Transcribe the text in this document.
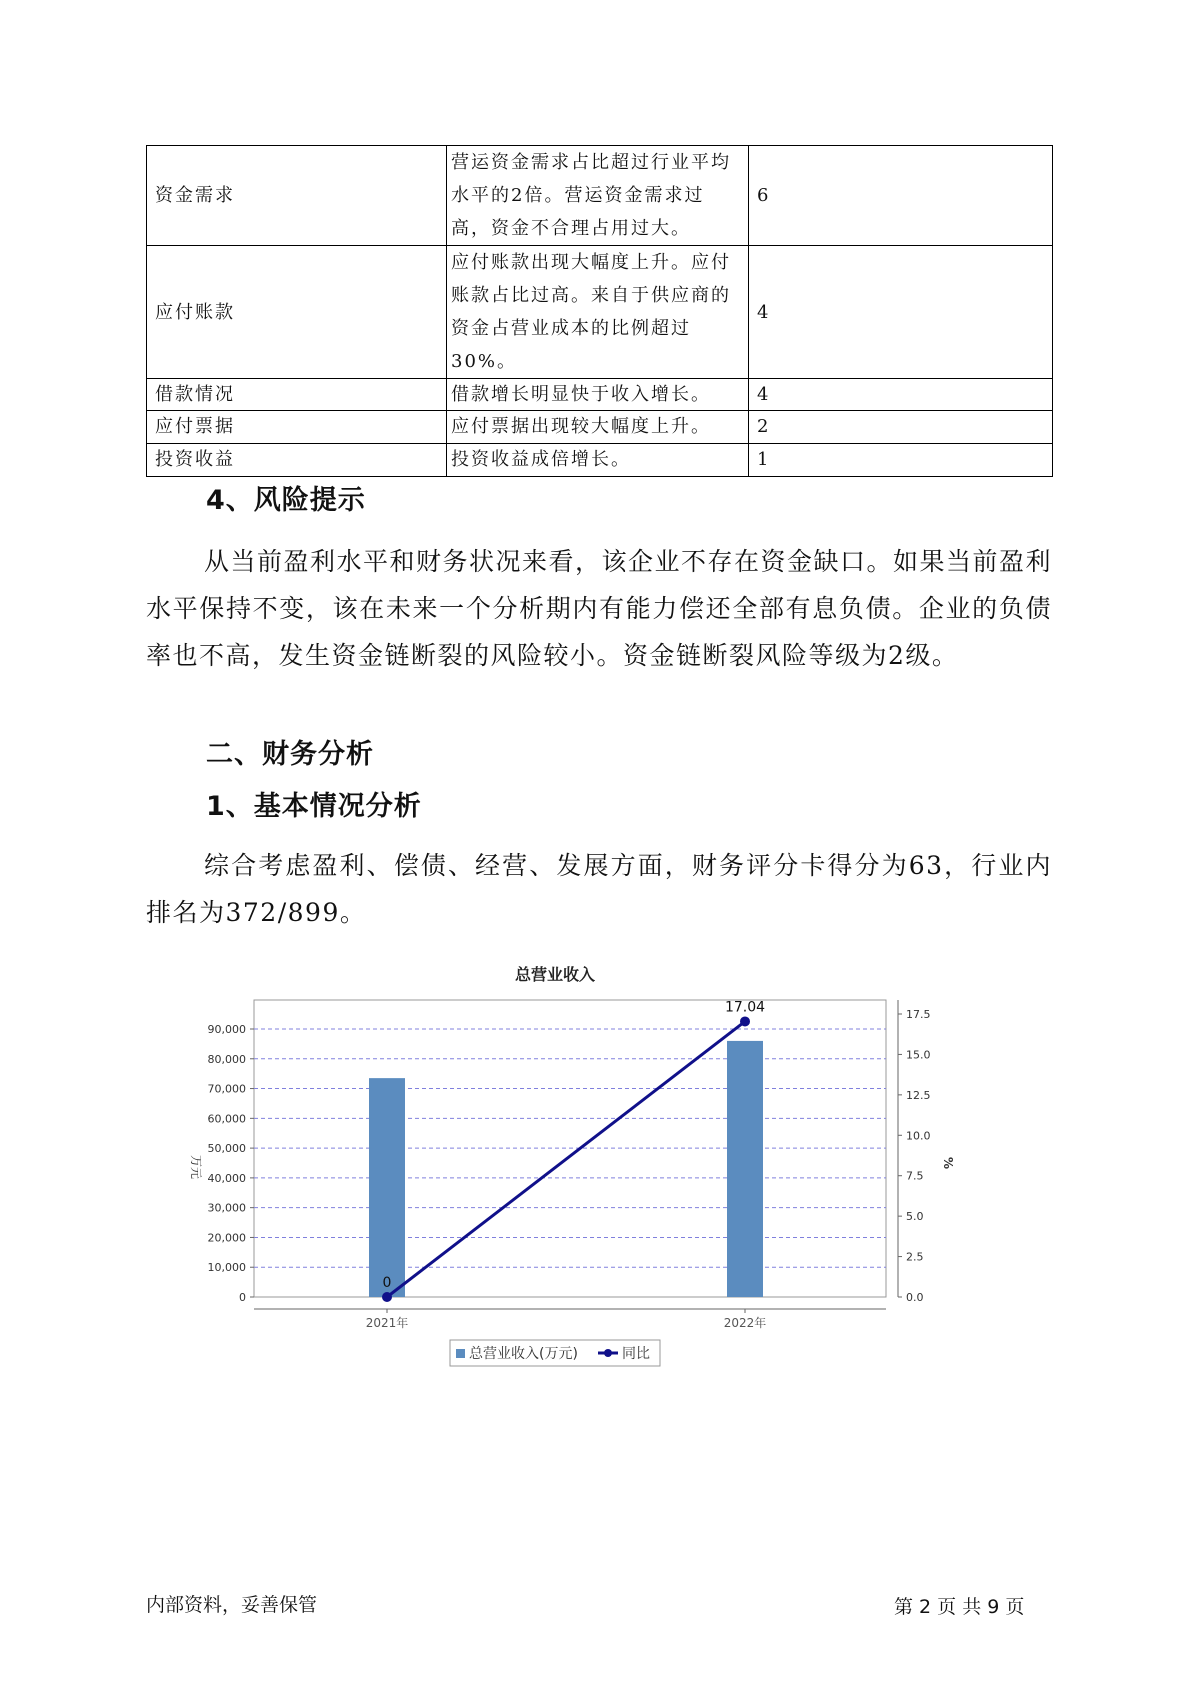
资金需求	营运资金需求占比超过行业平均水平的2倍。营运资金需求过高，资金不合理占用过大。	6
应付账款	应付账款出现大幅度上升。应付账款占比过高。来自于供应商的资金占营业成本的比例超过30%。	4
借款情况	借款增长明显快于收入增长。	4
应付票据	应付票据出现较大幅度上升。	2
投资收益	投资收益成倍增长。	1
4、风险提示
从当前盈利水平和财务状况来看，该企业不存在资金缺口。如果当前盈利水平保持不变，该在未来一个分析期内有能力偿还全部有息负债。企业的负债率也不高，发生资金链断裂的风险较小。资金链断裂风险等级为2级。
二、财务分析
1、基本情况分析
综合考虑盈利、偿债、经营、发展方面，财务评分卡得分为63，行业内排名为372/899。
总营业收入
0
10,000
20,000
30,000
40,000
50,000
60,000
70,000
80,000
90,000
0.0
2.5
5.0
7.5
10.0
12.5
15.0
17.5
万元	%
2021年	2022年
0
17.04
总营业收入(万元)	同比
内部资料，妥善保管	第 2 页 共 9 页
